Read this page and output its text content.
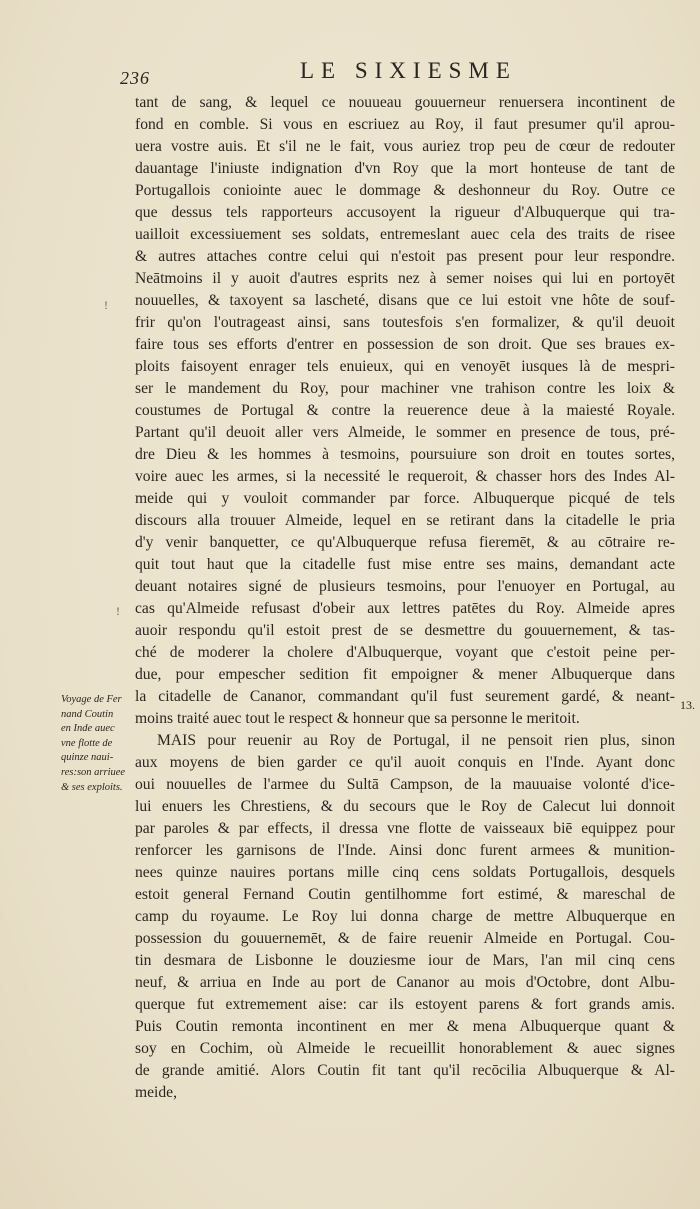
236	LE SIXIESME
tant de sang, & lequel ce nouueau gouuerneur renuersera incontinent de
fond en comble. Si vous en escriuez au Roy, il faut presumer qu'il aprou-
uera vostre auis. Et s'il ne le fait, vous auriez trop peu de cœur de redouter
dauantage l'iniuste indignation d'vn Roy que la mort honteuse de tant de
Portugallois coniointe auec le dommage & deshonneur du Roy. Outre ce
que dessus tels rapporteurs accusoyent la rigueur d'Albuquerque qui tra-
uailloit excessiuement ses soldats, entremeslant auec cela des traits de risee
& autres attaches contre celui qui n'estoit pas present pour leur respondre.
Neātmoins il y auoit d'autres esprits nez à semer noises qui lui en portoyēt
nouuelles, & taxoyent sa lascheté, disans que ce lui estoit vne hôte de souf-
frir qu'on l'outrageast ainsi, sans toutesfois s'en formalizer, & qu'il deuoit
faire tous ses efforts d'entrer en possession de son droit. Que ses braues ex-
ploits faisoyent enrager tels enuieux, qui en venoyēt iusques là de mespri-
ser le mandement du Roy, pour machiner vne trahison contre les loix &
coustumes de Portugal & contre la reuerence deue à la maiesté Royale.
Partant qu'il deuoit aller vers Almeide, le sommer en presence de tous, pré-
dre Dieu & les hommes à tesmoins, poursuiure son droit en toutes sortes,
voire auec les armes, si la necessité le requeroit, & chasser hors des Indes Al-
meide qui y vouloit commander par force. Albuquerque picqué de tels
discours alla trouuer Almeide, lequel en se retirant dans la citadelle le pria
d'y venir banquetter, ce qu'Albuquerque refusa fieremēt, & au cōtraire re-
quit tout haut que la citadelle fust mise entre ses mains, demandant acte
deuant notaires signé de plusieurs tesmoins, pour l'enuoyer en Portugal, au
cas qu'Almeide refusast d'obeir aux lettres patētes du Roy. Almeide apres
auoir respondu qu'il estoit prest de se desmettre du gouuernement, & tas-
ché de moderer la cholere d'Albuquerque, voyant que c'estoit peine per-
due, pour empescher sedition fit empoigner & mener Albuquerque dans
la citadelle de Cananor, commandant qu'il fust seurement gardé, & neant-
moins traité auec tout le respect & honneur que sa personne le meritoit.
MAIS pour reuenir au Roy de Portugal, il ne pensoit rien plus, sinon
aux moyens de bien garder ce qu'il auoit conquis en l'Inde. Ayant donc
oui nouuelles de l'armee du Sultā Campson, de la mauuaise volonté d'ice-
lui enuers les Chrestiens, & du secours que le Roy de Calecut lui donnoit
par paroles & par effects, il dressa vne flotte de vaisseaux biē equippez pour
renforcer les garnisons de l'Inde. Ainsi donc furent armees & munition-
nees quinze nauires portans mille cinq cens soldats Portugallois, desquels
estoit general Fernand Coutin gentilhomme fort estimé, & mareschal de
camp du royaume. Le Roy lui donna charge de mettre Albuquerque en
possession du gouuernemēt, & de faire reuenir Almeide en Portugal. Cou-
tin desmara de Lisbonne le douziesme iour de Mars, l'an mil cinq cens
neuf, & arriua en Inde au port de Cananor au mois d'Octobre, dont Albu-
querque fut extremement aise: car ils estoyent parens & fort grands amis.
Puis Coutin remonta incontinent en mer & mena Albuquerque quant &
soy en Cochim, où Almeide le recueillit honorablement & auec signes
de grande amitié. Alors Coutin fit tant qu'il recōcilia Albuquerque & Al-
meide,
Voyage de Fer
nand Coutin
en Inde auec
vne flotte de
quinze naui-
res:son arriuee
& ses exploits.
13.
!
!
